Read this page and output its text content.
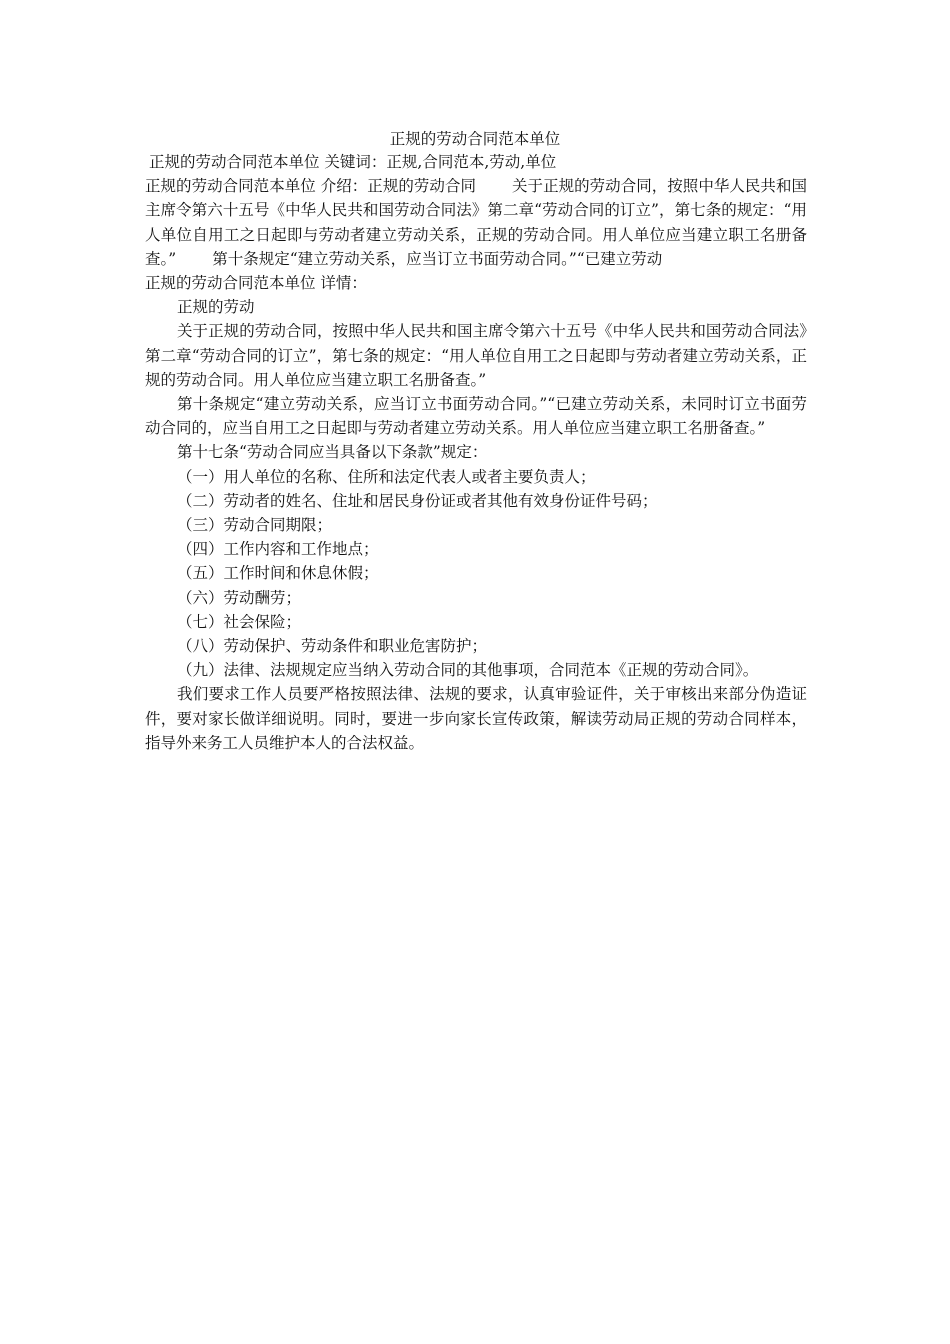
正规的劳动合同范本单位

正规的劳动合同范本单位 关键词：正规,合同范本,劳动,单位

正规的劳动合同范本单位 介绍：正规的劳动合同 关于正规的劳动合同，按照中华人民共和国主席令第六十五号《中华人民共和国劳动合同法》第二章“劳动合同的订立”，第七条的规定：“用人单位自用工之日起即与劳动者建立劳动关系，正规的劳动合同。用人单位应当建立职工名册备查。” 第十条规定“建立劳动关系，应当订立书面劳动合同。”“已建立劳动

正规的劳动合同范本单位 详情：

正规的劳动

关于正规的劳动合同，按照中华人民共和国主席令第六十五号《中华人民共和国劳动合同法》第二章“劳动合同的订立”，第七条的规定：“用人单位自用工之日起即与劳动者建立劳动关系，正规的劳动合同。用人单位应当建立职工名册备查。”

第十条规定“建立劳动关系，应当订立书面劳动合同。”“已建立劳动关系，未同时订立书面劳动合同的，应当自用工之日起即与劳动者建立劳动关系。用人单位应当建立职工名册备查。”

第十七条“劳动合同应当具备以下条款”规定：

（一）用人单位的名称、住所和法定代表人或者主要负责人；

（二）劳动者的姓名、住址和居民身份证或者其他有效身份证件号码；

（三）劳动合同期限；

（四）工作内容和工作地点；

（五）工作时间和休息休假；

（六）劳动酬劳；

（七）社会保险；

（八）劳动保护、劳动条件和职业危害防护；

（九）法律、法规规定应当纳入劳动合同的其他事项，合同范本《正规的劳动合同》。

我们要求工作人员要严格按照法律、法规的要求，认真审验证件，关于审核出来部分伪造证件，要对家长做详细说明。同时，要进一步向家长宣传政策，解读劳动局正规的劳动合同样本，指导外来务工人员维护本人的合法权益。
